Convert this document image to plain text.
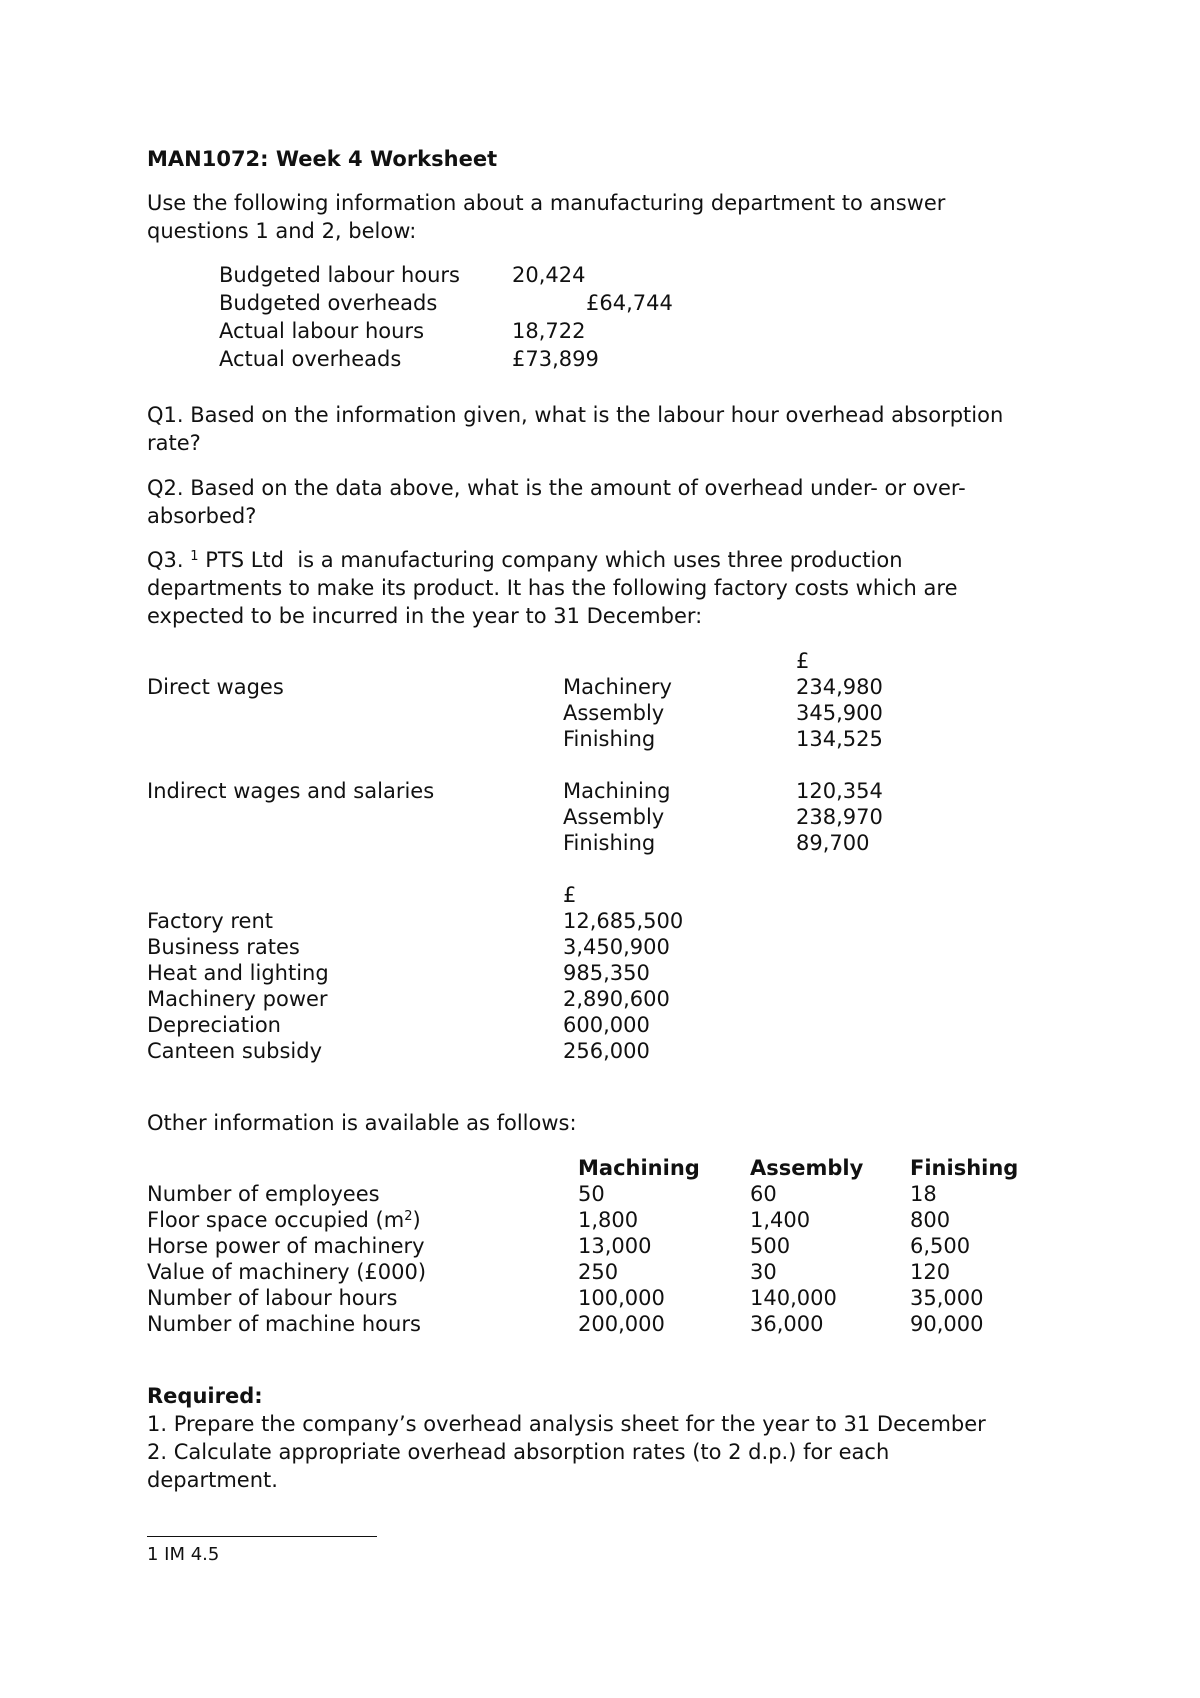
MAN1072: Week 4 Worksheet
Use the following information about a manufacturing department to answer
questions 1 and 2, below:
Budgeted labour hours 20,424
Budgeted overheads	£64,744
Actual labour hours	18,722
Actual overheads	£73,899
Q1. Based on the information given, what is the labour hour overhead absorption
rate?
Q2. Based on the data above, what is the amount of overhead under- or over-
absorbed?
Q3. $^1$ PTS Ltd  is a manufacturing company which uses three production
departments to make its product. It has the following factory costs which are
expected to be incurred in the year to 31 December:
£
Direct wages	Machinery	234,980
Assembly	345,900
Finishing	134,525
Indirect wages and salaries	Machining	120,354
Assembly	238,970
Finishing	89,700
£
Factory rent	12,685,500
Business rates	3,450,900
Heat and lighting	985,350
Machinery power	2,890,600
Depreciation	600,000
Canteen subsidy	256,000
Other information is available as follows:
Machining Assembly Finishing
Number of employees	50	60	18
Floor space occupied $(m^2)$	1,800	1,400	800
Horse power of machinery	13,000	500	6,500
Value of machinery (£000)	250	30	120
Number of labour hours	100,000	140,000	35,000
Number of machine hours	200,000	36,000	90,000
Required:
1. Prepare the company’s overhead analysis sheet for the year to 31 December
2. Calculate appropriate overhead absorption rates (to 2 d.p.) for each
department.
1 IM 4.5
